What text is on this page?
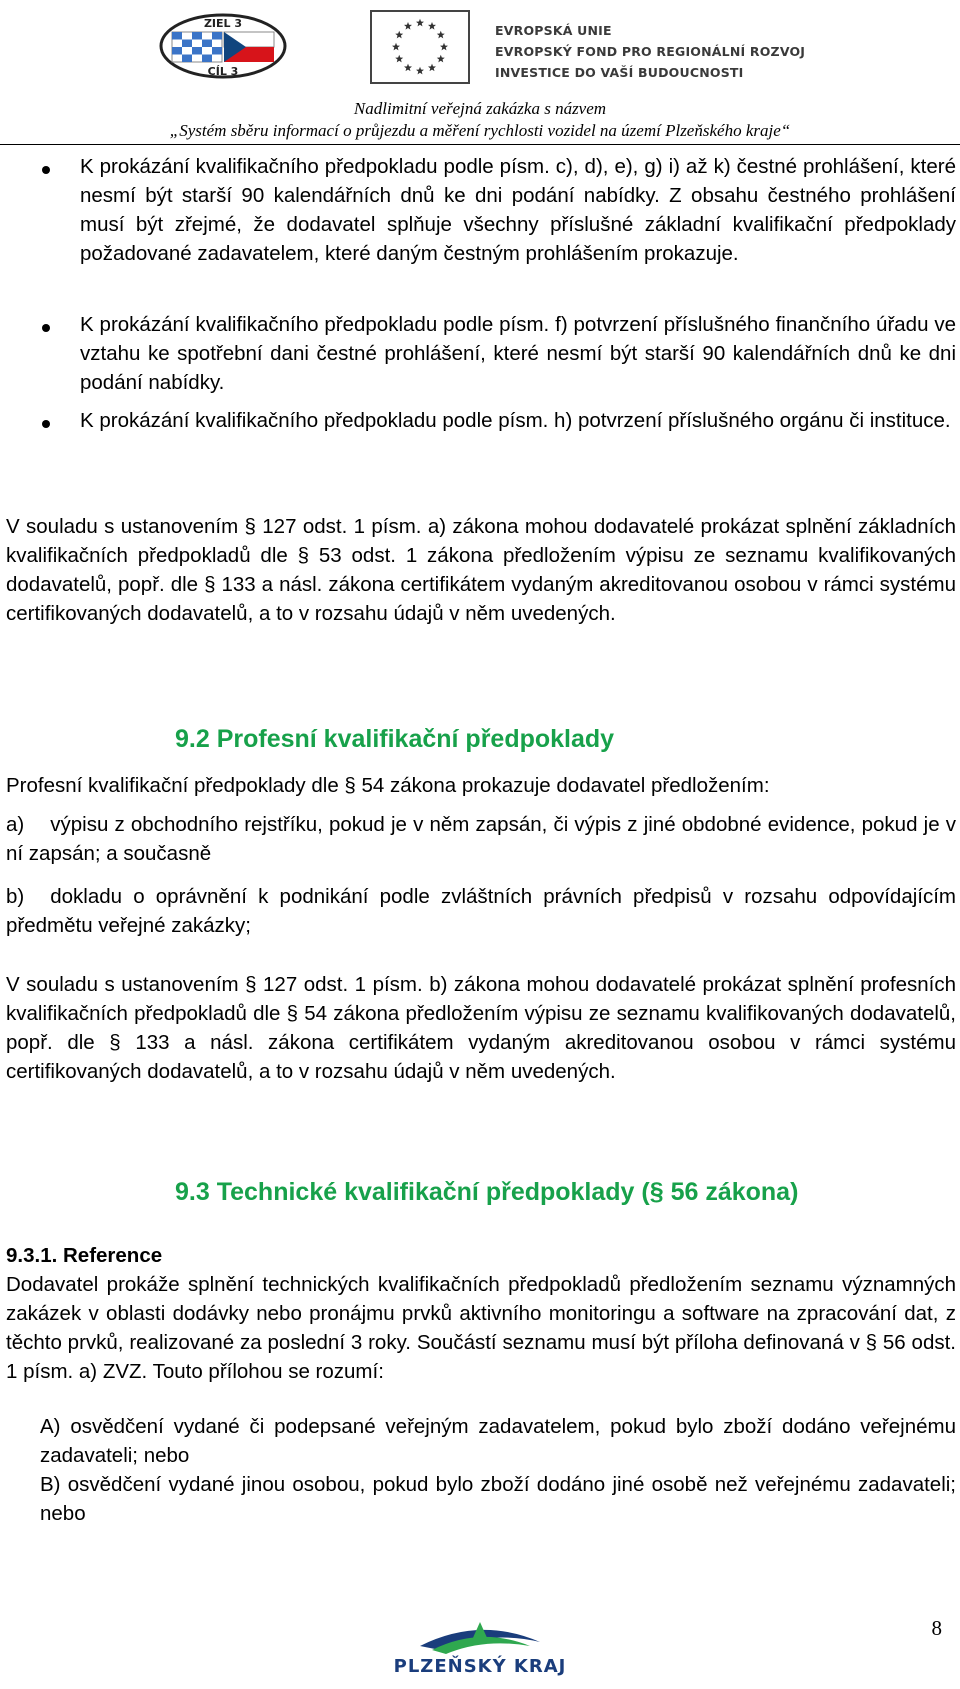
ZIEL 3
CÍL 3
EVROPSKÁ UNIE
EVROPSKÝ FOND PRO REGIONÁLNÍ ROZVOJ
INVESTICE DO VAŠÍ BUDOUCNOSTI
Nadlimitní veřejná zakázka s názvem
„Systém sběru informací o průjezdu a měření rychlosti vozidel na území Plzeňského kraje“

K prokázání kvalifikačního předpokladu podle písm. c), d), e), g) i) až k) čestné prohlášení, které nesmí být starší 90 kalendářních dnů ke dni podání nabídky. Z obsahu čestného prohlášení musí být zřejmé, že dodavatel splňuje všechny příslušné základní kvalifikační předpoklady požadované zadavatelem, které daným čestným prohlášením prokazuje.

K prokázání kvalifikačního předpokladu podle písm. f) potvrzení příslušného finančního úřadu ve vztahu ke spotřební dani čestné prohlášení, které nesmí být starší 90 kalendářních dnů ke dni podání nabídky.

K prokázání kvalifikačního předpokladu podle písm. h) potvrzení příslušného orgánu či instituce.

V souladu s ustanovením § 127 odst. 1 písm. a) zákona mohou dodavatelé prokázat splnění základních kvalifikačních předpokladů dle § 53 odst. 1 zákona předložením výpisu ze seznamu kvalifikovaných dodavatelů, popř. dle § 133 a násl. zákona certifikátem vydaným akreditovanou osobou v rámci systému certifikovaných dodavatelů, a to v rozsahu údajů v něm uvedených.

9.2 Profesní kvalifikační předpoklady

Profesní kvalifikační předpoklady dle § 54 zákona prokazuje dodavatel předložením:

a) výpisu z obchodního rejstříku, pokud je v něm zapsán, či výpis z jiné obdobné evidence, pokud je v ní zapsán; a současně
b) dokladu o oprávnění k podnikání podle zvláštních právních předpisů v rozsahu odpovídajícím předmětu veřejné zakázky;

V souladu s ustanovením § 127 odst. 1 písm. b) zákona mohou dodavatelé prokázat splnění profesních kvalifikačních předpokladů dle § 54 zákona předložením výpisu ze seznamu kvalifikovaných dodavatelů, popř. dle § 133 a násl. zákona certifikátem vydaným akreditovanou osobou v rámci systému certifikovaných dodavatelů, a to v rozsahu údajů v něm uvedených.

9.3 Technické kvalifikační předpoklady (§ 56 zákona)
9.3.1. Reference

Dodavatel prokáže splnění technických kvalifikačních předpokladů předložením seznamu významných zakázek v oblasti dodávky nebo pronájmu prvků aktivního monitoringu a software na zpracování dat, z těchto prvků, realizované za poslední 3 roky. Součástí seznamu musí být příloha definovaná v § 56 odst. 1 písm. a) ZVZ. Touto přílohou se rozumí:

A) osvědčení vydané či podepsané veřejným zadavatelem, pokud bylo zboží dodáno veřejnému zadavateli; nebo

B) osvědčení vydané jinou osobou, pokud bylo zboží dodáno jiné osobě než veřejnému zadavateli; nebo

8
PLZEŇSKÝ KRAJ
